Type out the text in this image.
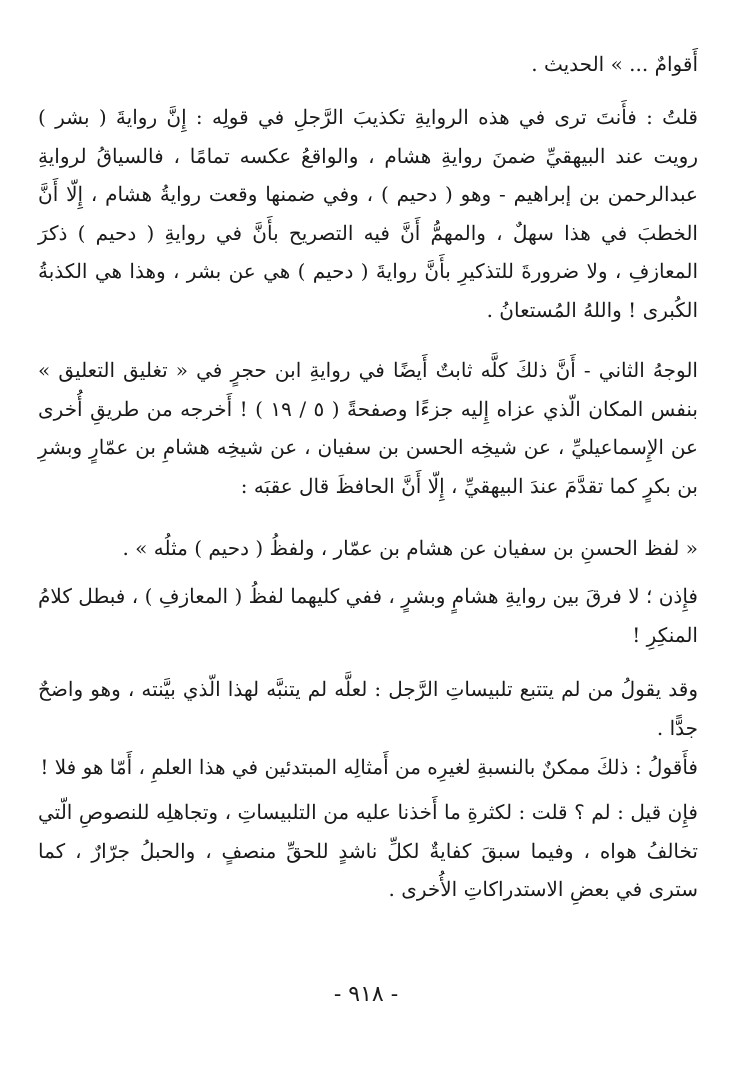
أَقوامٌ ... » الحديث .

قلتُ : فأَنتَ ترى في هذه الروايةِ تكذيبَ الرَّجلِ في قولِه : إِنَّ روايةَ ( بشر ) رويت عند البيهقيِّ ضمنَ روايةِ هشام ، والواقعُ عكسه تمامًا ، فالسياقُ لروايةِ عبدالرحمن بن إبراهيم - وهو ( دحيم ) ، وفي ضمنها وقعت روايةُ هشام ، إِلّا أَنَّ الخطبَ في هذا سهلٌ ، والمهمُّ أَنَّ فيه التصريح بأَنَّ في روايةِ ( دحيم ) ذكرَ المعازفِ ، ولا ضرورةَ للتذكيرِ بأَنَّ روايةَ ( دحيم ) هي عن بشر ، وهذا هي الكذبةُ الكُبرى ! واللهُ المُستعانُ .

الوجهُ الثاني - أَنَّ ذلكَ كلَّه ثابتٌ أَيضًا في روايةِ ابن حجرٍ في « تغليق التعليق » بنفس المكان الّذي عزاه إِليه جزءًا وصفحةً ( ٥ / ١٩ ) ! أَخرجه من طريقِ أُخرى عن الإِسماعيليِّ ، عن شيخِه الحسن بن سفيان ، عن شيخِه هشامِ بن عمّارٍ وبشرِ بن بكرٍ كما تقدَّمَ عندَ البيهقيِّ ، إِلّا أَنَّ الحافظَ قال عقبَه :

« لفظ الحسنِ بن سفيان عن هشام بن عمّار ، ولفظُ ( دحيم ) مثلُه » .

فإِذن ؛ لا فرقَ بين روايةِ هشامٍ وبشرٍ ، ففي كليهما لفظُ ( المعازفِ ) ، فبطل كلامُ المنكِرِ !

وقد يقولُ من لم يتتبع تلبيساتِ الرَّجل : لعلَّه لم يتنبَّه لهذا الّذي بيَّنته ، وهو واضحٌ جدًّا .

فأَقولُ : ذلكَ ممكنٌ بالنسبةِ لغيرِه من أَمثالِه المبتدئين في هذا العلمِ ، أَمّا هو فلا !

فإِن قيل : لم ؟ قلت : لكثرةِ ما أَخذنا عليه من التلبيساتِ ، وتجاهلِه للنصوصِ الّتي تخالفُ هواه ، وفيما سبقَ كفايةٌ لكلِّ ناشدٍ للحقِّ منصفٍ ، والحبلُ جرّارٌ ، كما سترى في بعضِ الاستدراكاتِ الأُخرى .

- ٩١٨ -
